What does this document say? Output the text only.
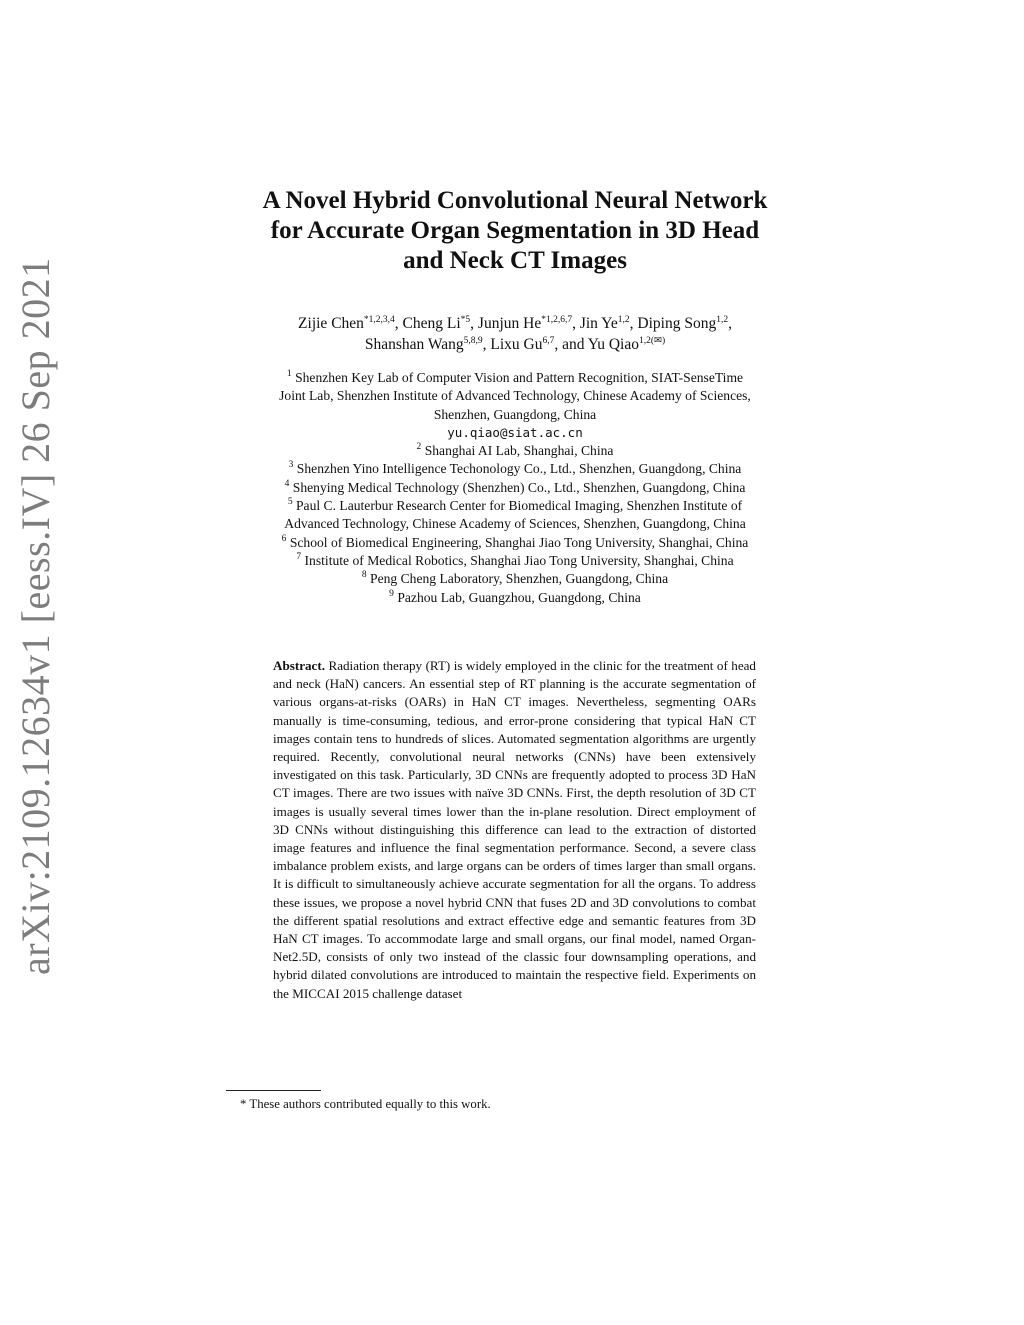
arXiv:2109.12634v1 [eess.IV] 26 Sep 2021
A Novel Hybrid Convolutional Neural Network
for Accurate Organ Segmentation in 3D Head
and Neck CT Images
Zijie Chen$^{*1,2,3,4}$, Cheng Li$^{*5}$, Junjun He$^{*1,2,6,7}$, Jin Ye$^{1,2}$, Diping Song$^{1,2}$,
Shanshan Wang$^{5,8,9}$, Lixu Gu$^{6,7}$, and Yu Qiao$^{1,2(✉)}$

$^1$ Shenzhen Key Lab of Computer Vision and Pattern Recognition, SIAT-SenseTime

Joint Lab, Shenzhen Institute of Advanced Technology, Chinese Academy of Sciences,

Shenzhen, Guangdong, China

yu.qiao@siat.ac.cn

$^2$ Shanghai AI Lab, Shanghai, China

$^3$ Shenzhen Yino Intelligence Techonology Co., Ltd., Shenzhen, Guangdong, China

$^4$ Shenying Medical Technology (Shenzhen) Co., Ltd., Shenzhen, Guangdong, China

$^5$ Paul C. Lauterbur Research Center for Biomedical Imaging, Shenzhen Institute of

Advanced Technology, Chinese Academy of Sciences, Shenzhen, Guangdong, China

$^6$ School of Biomedical Engineering, Shanghai Jiao Tong University, Shanghai, China

$^7$ Institute of Medical Robotics, Shanghai Jiao Tong University, Shanghai, China

$^8$ Peng Cheng Laboratory, Shenzhen, Guangdong, China

$^9$ Pazhou Lab, Guangzhou, Guangdong, China

Abstract. Radiation therapy (RT) is widely employed in the clinic for the treatment of head and neck (HaN) cancers. An essential step of RT planning is the accurate segmentation of various organs-at-risks (OARs) in HaN CT images. Nevertheless, segmenting OARs manually is time-consuming, tedious, and error-prone considering that typical HaN CT images contain tens to hundreds of slices. Automated segmentation algorithms are urgently required. Recently, convolutional neural networks (CNNs) have been extensively investigated on this task. Particularly, 3D CNNs are frequently adopted to process 3D HaN CT images. There are two issues with naïve 3D CNNs. First, the depth resolution of 3D CT images is usually several times lower than the in-plane resolution. Direct employment of 3D CNNs without distinguishing this difference can lead to the extraction of distorted image features and influence the final segmentation performance. Second, a severe class imbalance problem exists, and large organs can be orders of times larger than small organs. It is difficult to simultaneously achieve accurate segmentation for all the organs. To address these issues, we propose a novel hybrid CNN that fuses 2D and 3D convolutions to combat the different spatial resolutions and extract effective edge and semantic features from 3D HaN CT images. To accommodate large and small organs, our final model, named Organ-Net2.5D, consists of only two instead of the classic four downsampling operations, and hybrid dilated convolutions are introduced to maintain the respective field. Experiments on the MICCAI 2015 challenge dataset
* These authors contributed equally to this work.
